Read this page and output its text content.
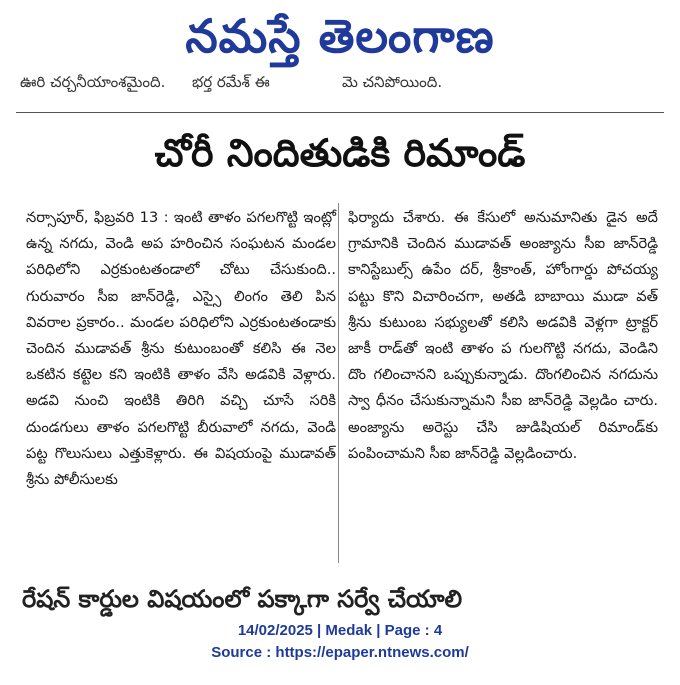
నమస్తే తెలంగాణ
ఊరి చర్చనీయాంశమైంది. భర్త రమేశ్ ఈ	మె చనిపోయింది.
చోరీ నిందితుడికి రిమాండ్

నర్సాపూర్, ఫిబ్రవరి 13 : ఇంటి తాళం పగలగొట్టి ఇంట్లో ఉన్న నగదు, వెండి అప హరించిన సంఘటన మండల పరిధిలోని ఎర్రకుంటతండాలో చోటు చేసుకుంది.. గురువారం సీఐ జాన్‌రెడ్డి, ఎస్సై లింగం తెలి పిన వివరాల ప్రకారం.. మండల పరిధిలోని ఎర్రకుంటతండాకు చెందిన ముడావత్ శ్రీను కుటుంబంతో కలిసి ఈ నెల ఒకటిన కట్టెల కని ఇంటికి తాళం వేసి అడవికి వెళ్లారు. అడవి నుంచి ఇంటికి తిరిగి వచ్చి చూసే సరికి దుండగులు తాళం పగలగొట్టి బీరువాలో నగదు, వెండి పట్ట గొలుసులు ఎత్తుకెళ్లారు. ఈ విషయంపై ముడావత్ శ్రీను పోలీసులకు

ఫిర్యాదు చేశారు. ఈ కేసులో అనుమానితు డైన అదే గ్రామానికి చెందిన ముడావత్ అంజ్యాను సీఐ జాన్‌రెడ్డి కానిస్టేబుల్స్ ఉపేం దర్, శ్రీకాంత్, హోంగార్డు పోచయ్య పట్టు కొని విచారించగా, అతడి బాబాయి ముడా వత్ శ్రీను కుటుంబ సభ్యులతో కలిసి అడవికి వెళ్లగా ట్రాక్టర్ జాకీ రాడ్‌తో ఇంటి తాళం ప గులగొట్టి నగదు, వెండిని దొం గలించానని ఒప్పుకున్నాడు. దొంగలించిన నగదును స్వా ధీనం చేసుకున్నామని సీఐ జాన్‌రెడ్డి వెల్లడిం చారు. అంజ్యాను అరెస్టు చేసి జుడిషియల్ రిమాండ్‌కు పంపించామని సీఐ జాన్‌రెడ్డి వెల్లడించారు.

రేషన్ కార్డుల విషయంలో పక్కాగా సర్వే చేయాలి
14/02/2025 | Medak | Page : 4
Source : https://epaper.ntnews.com/
